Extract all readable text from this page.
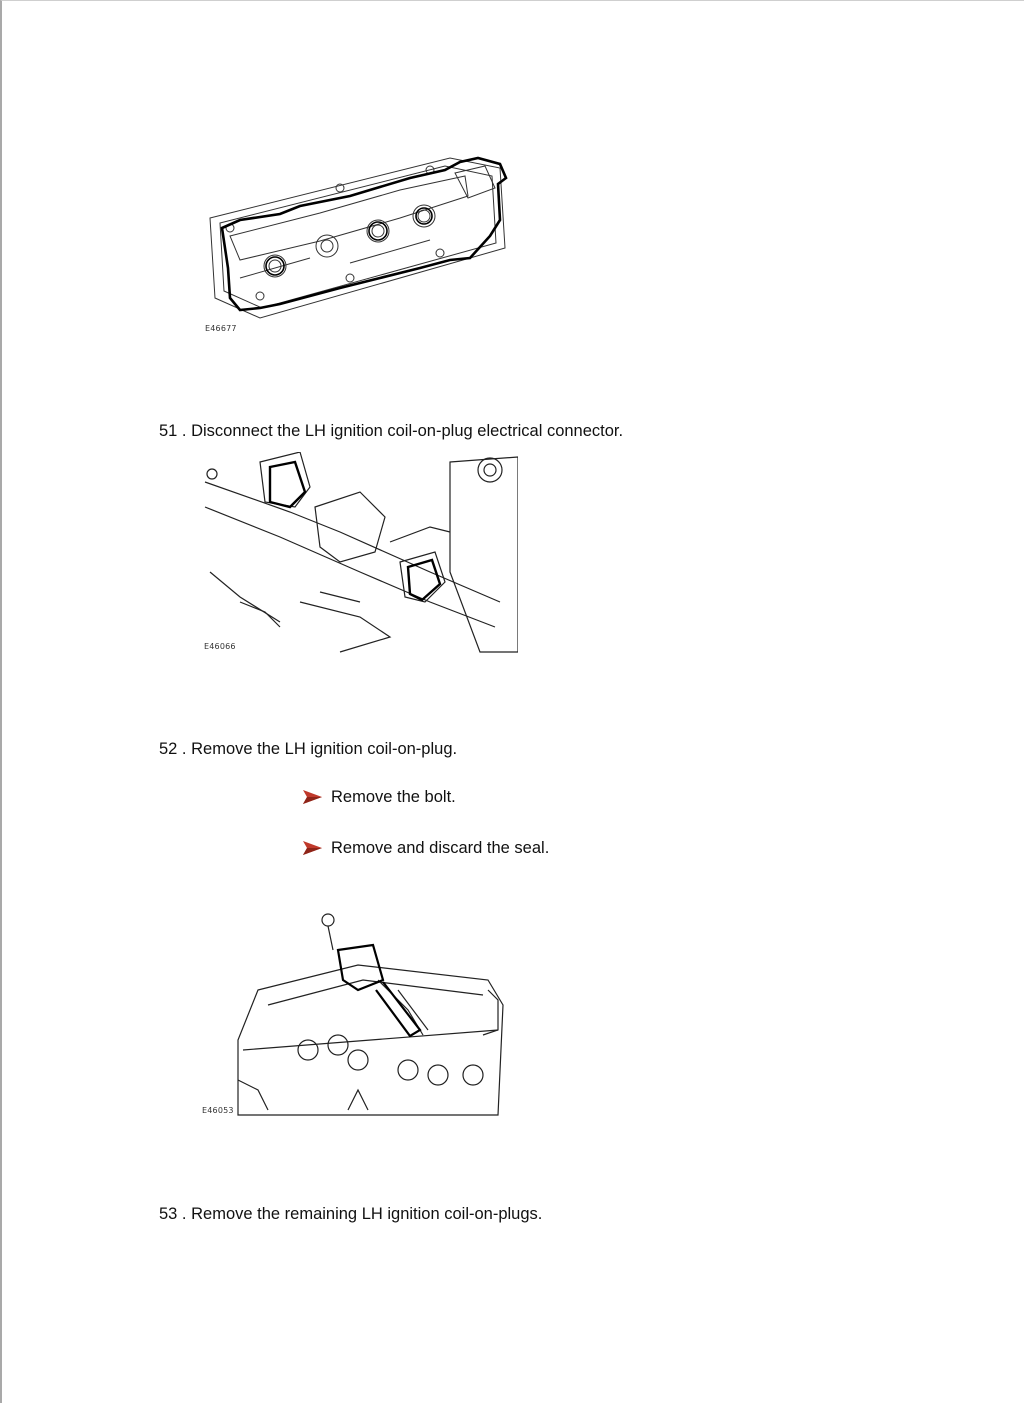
E46677
51 . Disconnect the LH ignition coil-on-plug electrical connector.
E46066
52 . Remove the LH ignition coil-on-plug.
Remove the bolt.
Remove and discard the seal.
E46053
53 . Remove the remaining LH ignition coil-on-plugs.
